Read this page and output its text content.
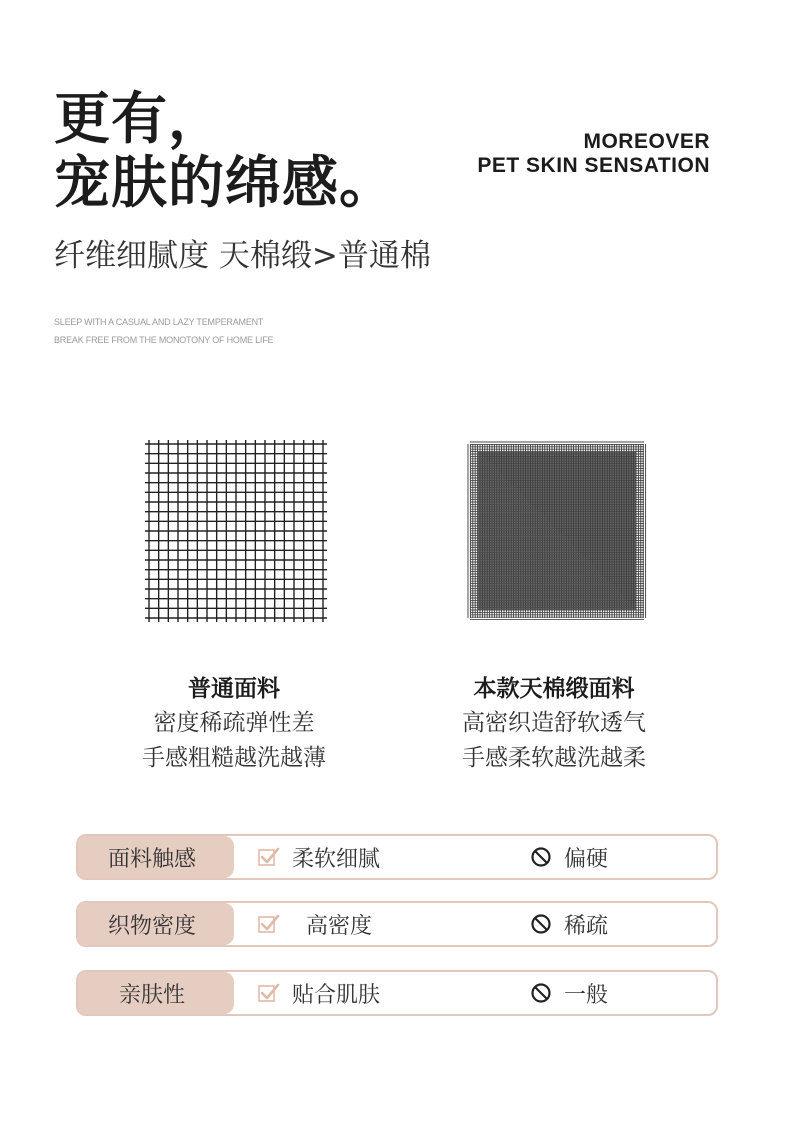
更有，
宠肤的绵感。
MOREOVER
PET SKIN SENSATION
纤维细腻度 天棉缎>普通棉
SLEEP WITH A CASUAL AND LAZY TEMPERAMENT
BREAK FREE FROM THE MONOTONY OF HOME LIFE
普通面料
密度稀疏弹性差
手感粗糙越洗越薄
本款天棉缎面料
高密织造舒软透气
手感柔软越洗越柔
面料触感	柔软细腻	偏硬
织物密度	高密度	稀疏
亲肤性	贴合肌肤	一般
